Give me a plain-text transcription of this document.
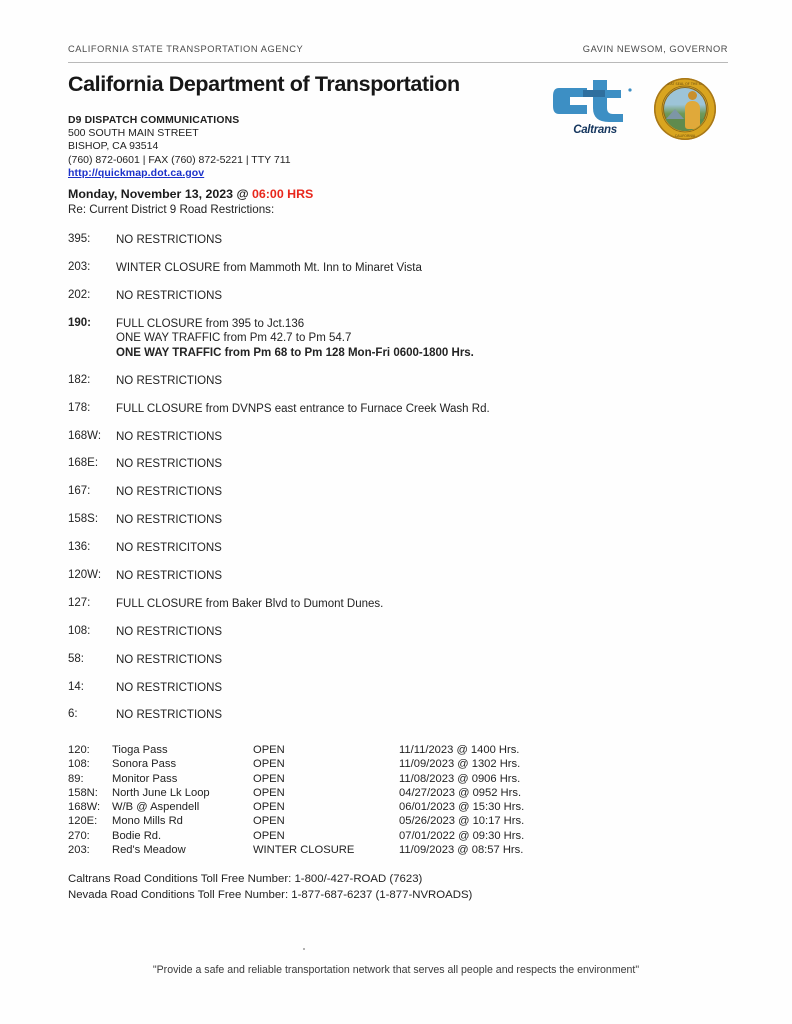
CALIFORNIA STATE TRANSPORTATION AGENCY	GAVIN NEWSOM, GOVERNOR
California Department of Transportation
Caltrans
THE GREAT SEAL OF THE STATE OF
CALIFORNIA
D9 DISPATCH COMMUNICATIONS
500 SOUTH MAIN STREET
BISHOP, CA 93514
(760) 872-0601 | FAX (760) 872-5221 | TTY 711
http://quickmap.dot.ca.gov
Monday, November 13, 2023 @ 06:00 HRS
Re: Current District 9 Road Restrictions:
395:	NO RESTRICTIONS
203:	WINTER CLOSURE from Mammoth Mt. Inn to Minaret Vista
202:	NO RESTRICTIONS
190:	FULL CLOSURE from 395 to Jct.136
ONE WAY TRAFFIC from Pm 42.7 to Pm 54.7
ONE WAY TRAFFIC from Pm 68 to Pm 128 Mon-Fri 0600-1800 Hrs.
182:	NO RESTRICTIONS
178:	FULL CLOSURE from DVNPS east entrance to Furnace Creek Wash Rd.
168W:	NO RESTRICTIONS
168E:	NO RESTRICTIONS
167:	NO RESTRICTIONS
158S:	NO RESTRICTIONS
136:	NO RESTRICITONS
120W:	NO RESTRICTIONS
127:	FULL CLOSURE from Baker Blvd to Dumont Dunes.
108:	NO RESTRICTIONS
58:	NO RESTRICTIONS
14:	NO RESTRICTIONS
6:	NO RESTRICTIONS
120:	Tioga Pass	OPEN	11/11/2023 @ 1400 Hrs.
108:	Sonora Pass	OPEN	11/09/2023 @ 1302 Hrs.
89:	Monitor Pass	OPEN	11/08/2023 @ 0906 Hrs.
158N:	North June Lk Loop	OPEN	04/27/2023 @ 0952 Hrs.
168W:	W/B @ Aspendell	OPEN	06/01/2023 @ 15:30 Hrs.
120E:	Mono Mills Rd	OPEN	05/26/2023 @ 10:17 Hrs.
270:	Bodie Rd.	OPEN	07/01/2022 @ 09:30 Hrs.
203:	Red's Meadow	WINTER CLOSURE	11/09/2023 @ 08:57 Hrs.
Caltrans Road Conditions Toll Free Number: 1-800/-427-ROAD (7623)
Nevada Road Conditions Toll Free Number: 1-877-687-6237 (1-877-NVROADS)
"Provide a safe and reliable transportation network that serves all people and respects the environment"
